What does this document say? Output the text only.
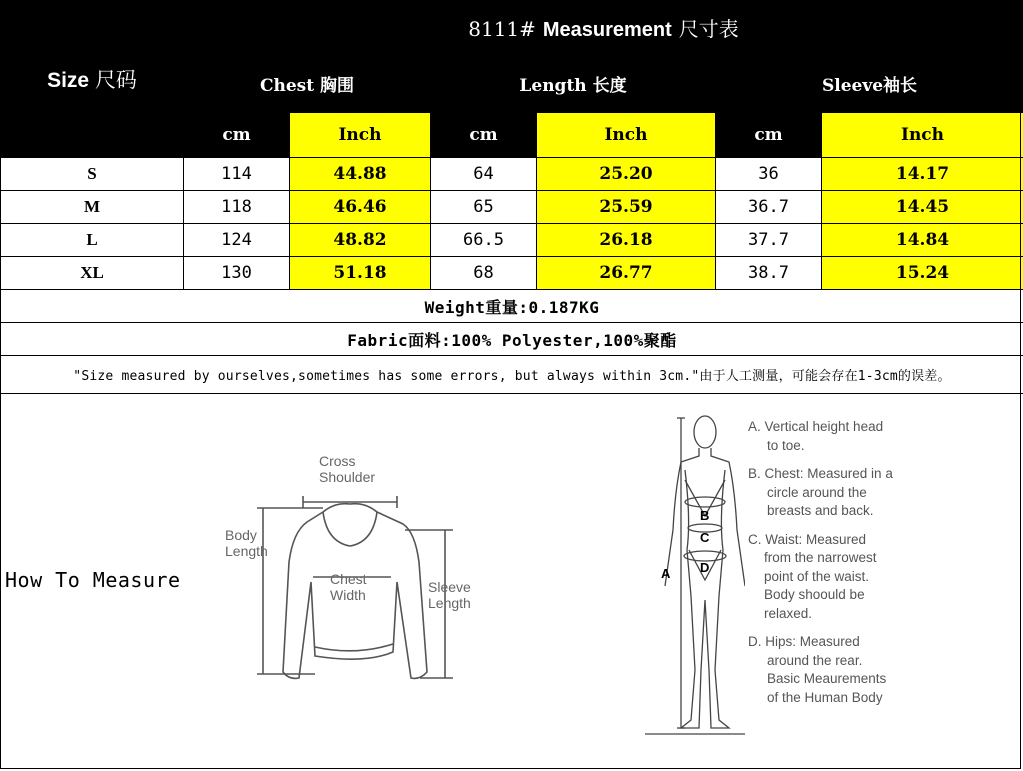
Size 尺码	8111# Measurement 尺寸表					
	Chest 胸围		Length 长度		Sleeve袖长	
	cm	Inch	cm	Inch	cm	Inch
S	114	44.88	64	25.20	36	14.17
M	118	46.46	65	25.59	36.7	14.45
L	124	48.82	66.5	26.18	37.7	14.84
XL	130	51.18	68	26.77	38.7	15.24
Weight重量:0.187KG						
Fabric面料:100% Polyester,100%聚酯						
"Size measured by ourselves,sometimes has some errors, but always within 3cm."由于人工测量，可能会存在1-3cm的误差。						
How To Measure
Cross
Shoulder
Body
Length
Chest
Width	Sleeve
Length
A
B
C
D

A. Vertical height head

to toe.

B. Chest: Measured in a

circle around the
breasts and back.

C. Waist: Measured

from the narrowest
point of the waist.
Body shoould be
relaxed.

D. Hips: Measured

around the rear.
Basic Meaurements
of the Human Body
